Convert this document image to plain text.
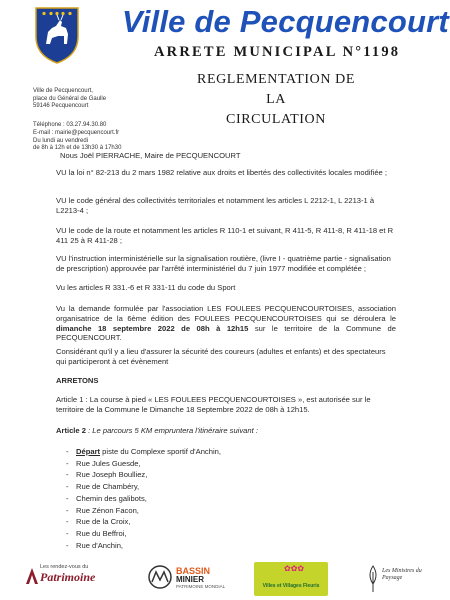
Ville de Pecquencourt
ARRETE MUNICIPAL N°1198
REGLEMENTATION DE LA
CIRCULATION
Ville de Pecquencourt,
place du Général de Gaulle
59146 Pecquencourt
Téléphone : 03.27.94.30.80
E-mail : mairie@pecquencourt.fr
Du lundi au vendredi
de 8h à 12h et de 13h30 à 17h30
Nous Joël PIERRACHE, Maire de PECQUENCOURT
VU la loi n° 82-213 du 2 mars 1982 relative aux droits et libertés des collectivités locales modifiée ;
VU le code général des collectivités territoriales et notamment les articles L 2212-1, L 2213-1 à L2213-4 ;
VU le code de la route et notamment les articles R 110-1 et suivant, R 411-5, R 411-8, R 411-18 et R 411 25 à R 411-28 ;
VU l'instruction interministérielle sur la signalisation routière, (livre I - quatrième partie - signalisation de prescription) approuvée par l'arrêté interministériel du 7 juin 1977 modifiée et complétée ;
Vu les articles R 331.-6 et R 331-11 du code du Sport
Vu la demande formulée par l'association LES FOULEES PECQUENCOURTOISES, association organisatrice de la 6ème édition des FOULEES PECQUENCOURTOISES qui se déroulera le dimanche 18 septembre 2022 de 08h à 12h15 sur le territoire de la Commune de PECQUENCOURT.
Considérant qu'il y a lieu d'assurer la sécurité des coureurs (adultes et enfants) et des spectateurs qui participeront à cet évènement
ARRETONS
Article 1 : La course à pied « LES FOULEES PECQUENCOURTOISES », est autorisée sur le territoire de la Commune le Dimanche 18 Septembre 2022 de 08h à 12h15.
Article 2 : Le parcours 5 KM empruntera l'itinéraire suivant :
- Départ piste du Complexe sportif d'Anchin,
- Rue Jules Guesde,
- Rue Joseph Boulliez,
- Rue de Chambéry,
- Chemin des galibots,
- Rue Zénon Facon,
- Rue de la Croix,
- Rue du Beffroi,
- Rue d'Anchin,
Les rendez-vous du
Patrimoine	BASSIN
MINIER
PATRIMOINE MONDIAL
✿✿✿
Villes et Villages Fleuris
Les Ministres du Paysage
